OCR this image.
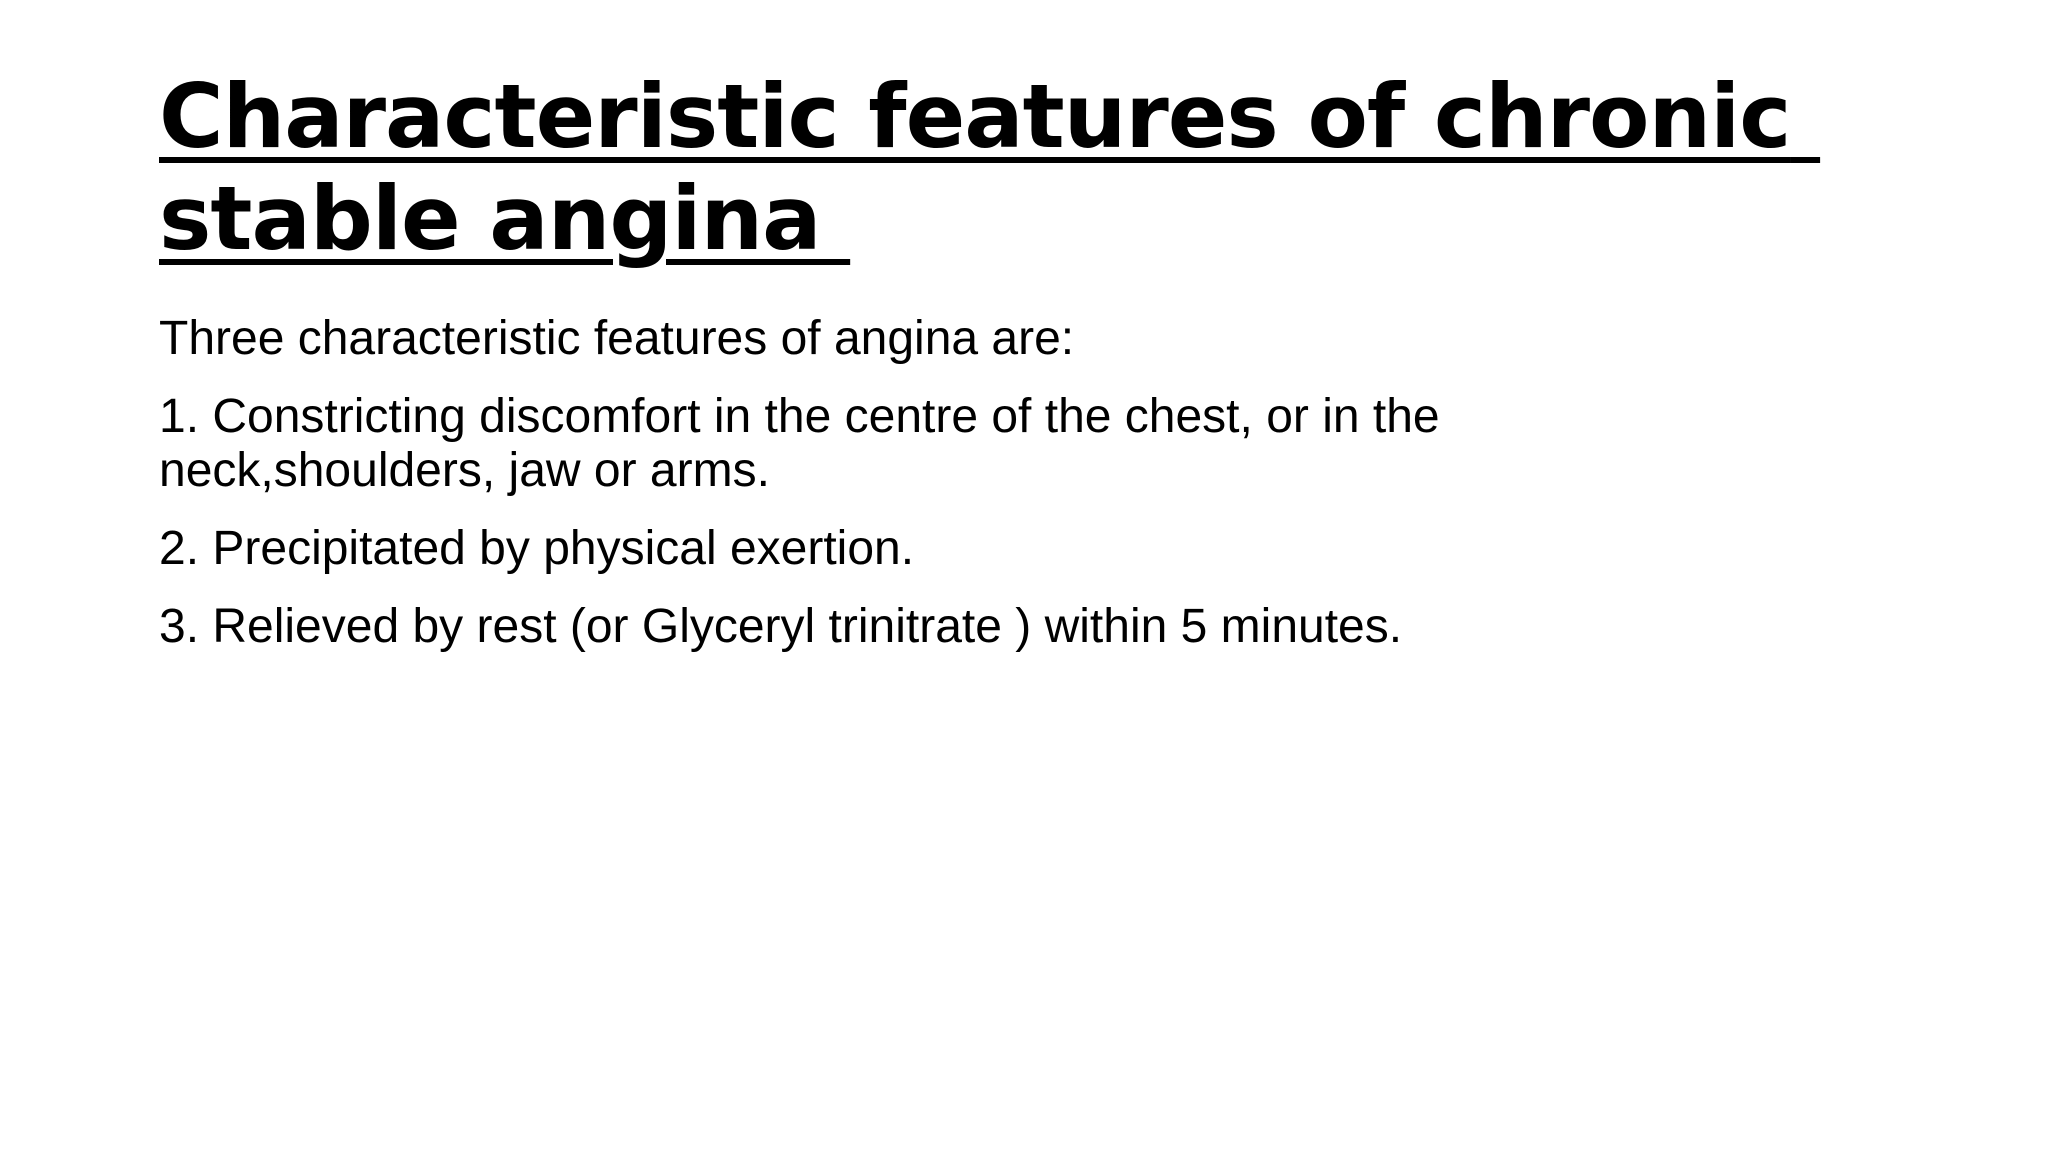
Characteristic features of chronic stable angina

Three characteristic features of angina are:

1. Constricting discomfort in the centre of the chest, or in the neck,shoulders, jaw or arms.

2. Precipitated by physical exertion.

3. Relieved by rest (or Glyceryl trinitrate ) within 5 minutes.
